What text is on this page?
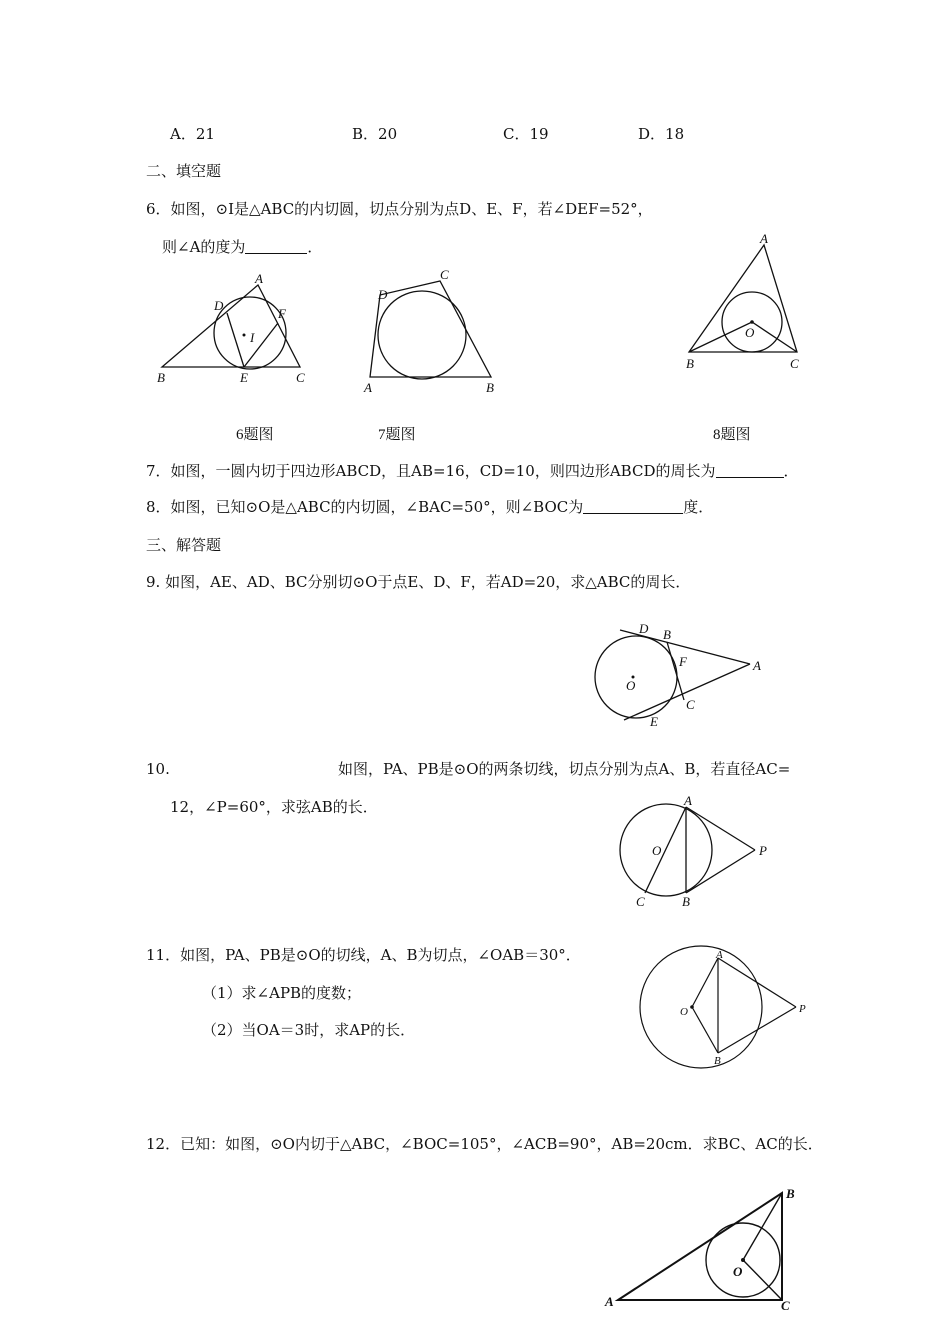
A．21	B．20	C．19	D．18
二、填空题
6．如图，⊙I是△ABC的内切圆，切点分别为点D、E、F，若∠DEF=52°，
则∠A的度为	．
A
B	C
D
E
F
I
C
D
A	B
A
B	C
O
6题图	7题图	8题图
7．如图，一圆内切于四边形ABCD，且AB=16，CD=10，则四边形ABCD的周长为	．
8．如图，已知⊙O是△ABC的内切圆，∠BAC=50°，则∠BOC为	度．
三、解答题
9. 如图，AE、AD、BC分别切⊙O于点E、D、F，若AD=20，求△ABC的周长．
D B
F	A
C
E
O
10.	如图，PA、PB是⊙O的两条切线，切点分别为点A、B，若直径AC=
12，∠P=60°，求弦AB的长．	A
O	P
C	B
11．如图，PA、PB是⊙O的切线，A、B为切点，∠OAB＝30°．
（1）求∠APB的度数；
（2）当OA＝3时，求AP的长．
A
O	P
B
12．已知：如图，⊙O内切于△ABC，∠BOC=105°，∠ACB=90°，AB=20cm．求BC、AC的长．
B
A	C
O
